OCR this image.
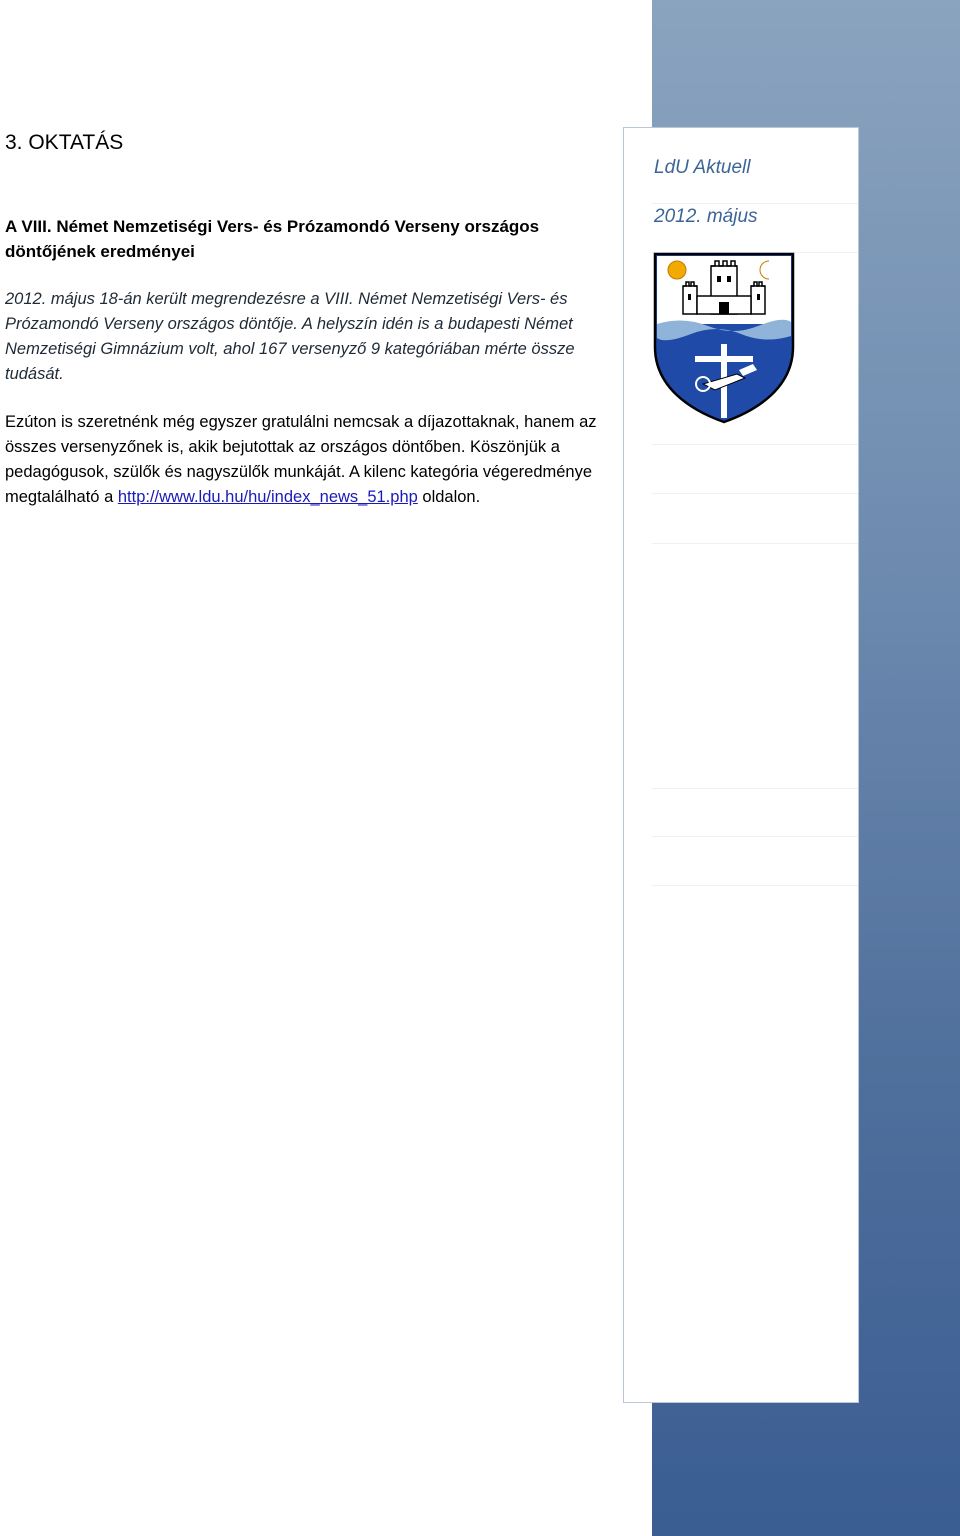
LdU Aktuell
2012. május
3. OKTATÁS
A VIII. Német Nemzetiségi Vers- és Prózamondó Verseny országos döntőjének eredményei
2012. május 18-án került megrendezésre a VIII. Német Nemzetiségi Vers- és Prózamondó Verseny országos döntője. A helyszín idén is a budapesti Német Nemzetiségi Gimnázium volt, ahol 167 versenyző 9 kategóriában mérte össze tudását.
Ezúton is szeretnénk még egyszer gratulálni nemcsak a díjazottaknak, hanem az összes versenyzőnek is, akik bejutottak az országos döntőben. Köszönjük a pedagógusok, szülők és nagyszülők munkáját. A kilenc kategória végeredménye megtalálható a http://www.ldu.hu/hu/index_news_51.php oldalon.
